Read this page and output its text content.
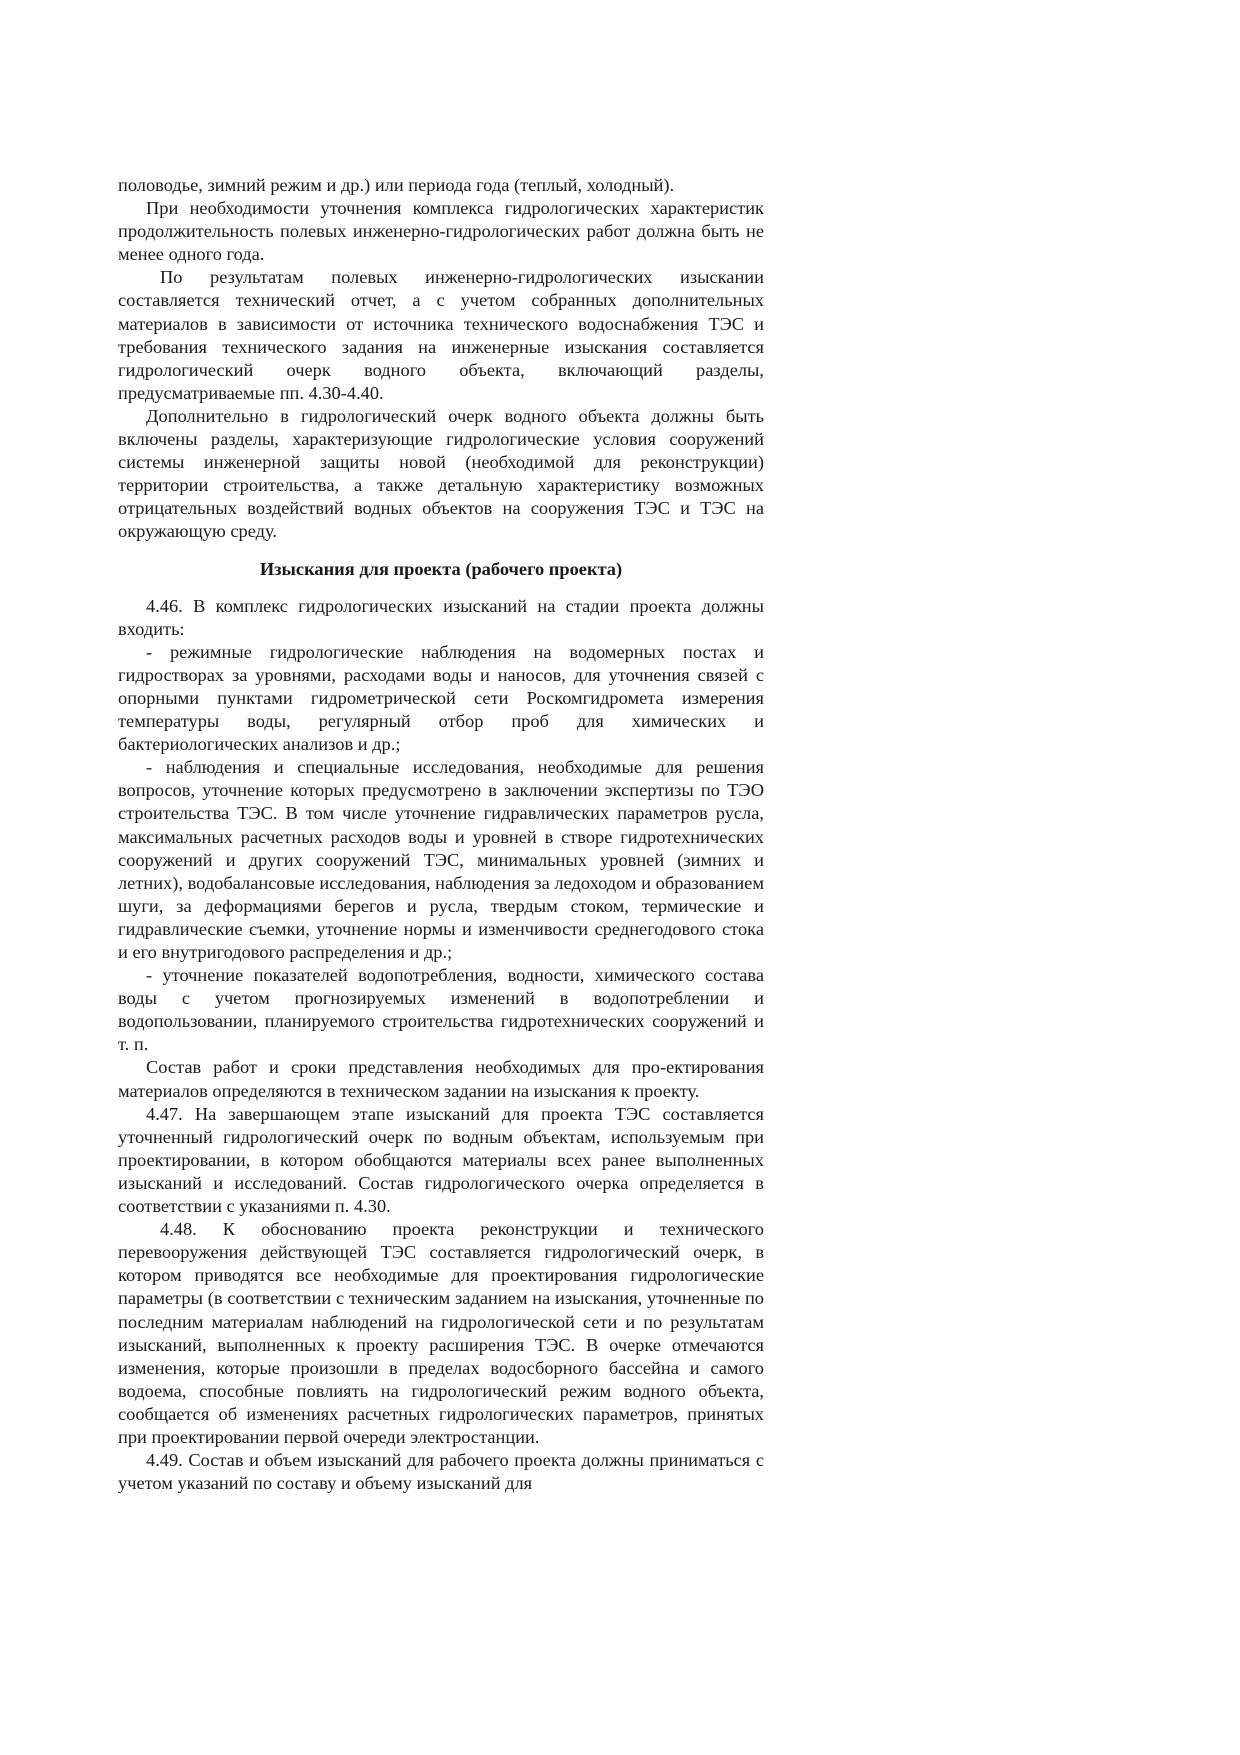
половодье, зимний режим и др.) или периода года (теплый, холодный).

При необходимости уточнения комплекса гидрологических характеристик продолжительность полевых инженерно-гидрологических работ должна быть не менее одного года.

По результатам полевых инженерно-гидрологических изыскании составляется технический отчет, а с учетом собранных дополнительных материалов в зависимости от источника технического водоснабжения ТЭС и требования технического задания на инженерные изыскания составляется гидрологический очерк водного объекта, включающий разделы, предусматриваемые пп. 4.30-4.40.

Дополнительно в гидрологический очерк водного объекта должны быть включены разделы, характеризующие гидрологические условия сооружений системы инженерной защиты новой (необходимой для реконструкции) территории строительства, а также детальную характеристику возможных отрицательных воздействий водных объектов на сооружения ТЭС и ТЭС на окружающую среду.

Изыскания для проекта (рабочего проекта)

4.46. В комплекс гидрологических изысканий на стадии проекта должны входить:

- режимные гидрологические наблюдения на водомерных постах и гидростворах за уровнями, расходами воды и наносов, для уточнения связей с опорными пунктами гидрометрической сети Роскомгидромета измерения температуры воды, регулярный отбор проб для химических и бактериологических анализов и др.;

- наблюдения и специальные исследования, необходимые для решения вопросов, уточнение которых предусмотрено в заключении экспертизы по ТЭО строительства ТЭС. В том числе уточнение гидравлических параметров русла, максимальных расчетных расходов воды и уровней в створе гидротехнических сооружений и других сооружений ТЭС, минимальных уровней (зимних и летних), водобалансовые исследования, наблюдения за ледоходом и образованием шуги, за деформациями берегов и русла, твердым стоком, термические и гидравлические съемки, уточнение нормы и изменчивости среднегодового стока и его внутригодового распределения и др.;

- уточнение показателей водопотребления, водности, химического состава воды с учетом прогнозируемых изменений в водопотреблении и водопользовании, планируемого строительства гидротехнических сооружений и т. п.

Состав работ и сроки представления необходимых для про-ектирования материалов определяются в техническом задании на изыскания к проекту.

4.47. На завершающем этапе изысканий для проекта ТЭС составляется уточненный гидрологический очерк по водным объектам, используемым при проектировании, в котором обобщаются материалы всех ранее выполненных изысканий и исследований. Состав гидрологического очерка определяется в соответствии с указаниями п. 4.30.

4.48. К обоснованию проекта реконструкции и технического перевооружения действующей ТЭС составляется гидрологический очерк, в котором приводятся все необходимые для проектирования гидрологические параметры (в соответствии с техническим заданием на изыскания, уточненные по последним материалам наблюдений на гидрологической сети и по результатам изысканий, выполненных к проекту расширения ТЭС. В очерке отмечаются изменения, которые произошли в пределах водосборного бассейна и самого водоема, способные повлиять на гидрологический режим водного объекта, сообщается об изменениях расчетных гидрологических параметров, принятых при проектировании первой очереди электростанции.

4.49. Состав и объем изысканий для рабочего проекта должны приниматься с учетом указаний по составу и объему изысканий для
